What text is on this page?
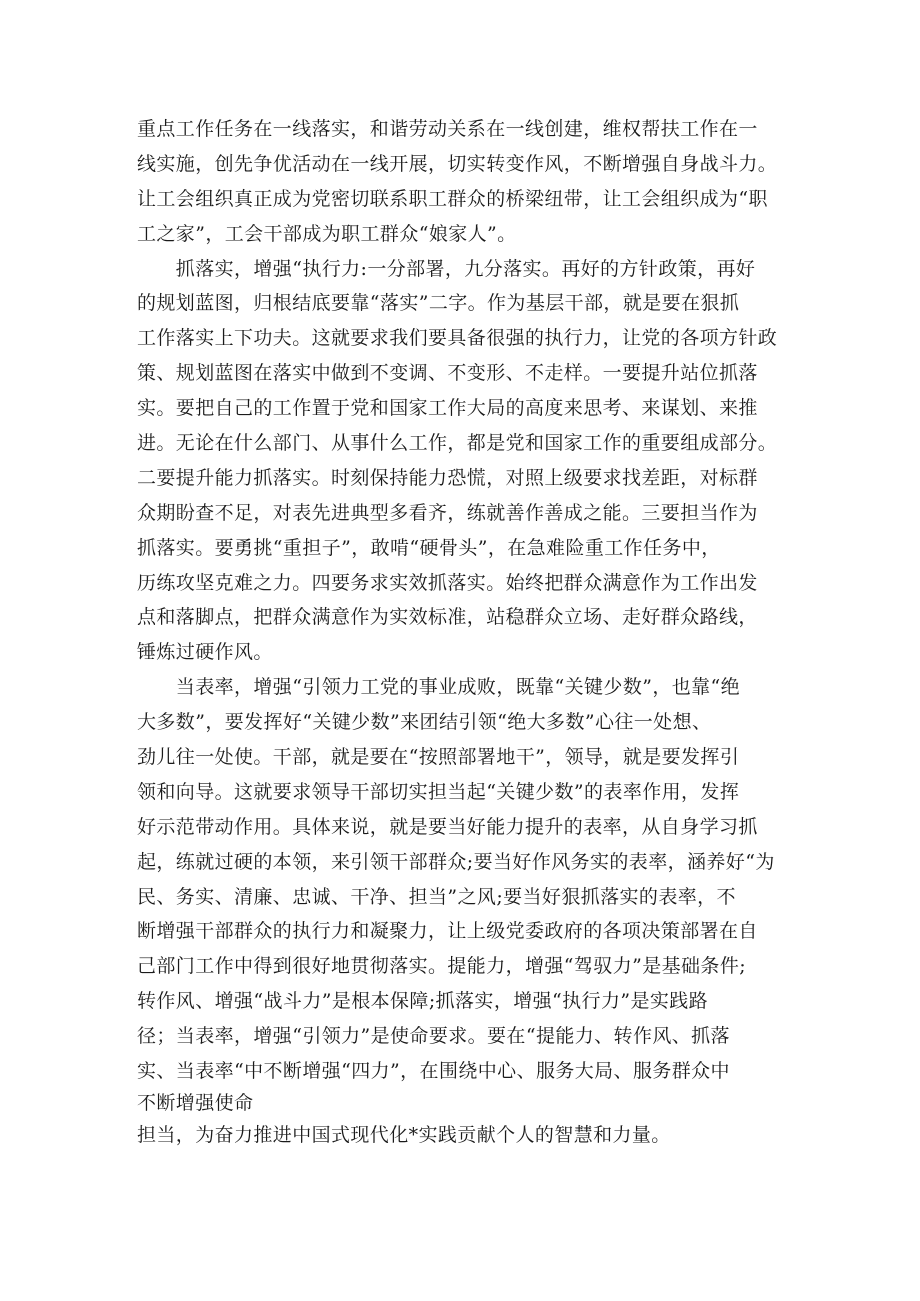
重点工作任务在一线落实，和谐劳动关系在一线创建，维权帮扶工作在一
线实施，创先争优活动在一线开展，切实转变作风，不断增强自身战斗力。
让工会组织真正成为党密切联系职工群众的桥梁纽带，让工会组织成为“职
工之家”，工会干部成为职工群众“娘家人”。
　　抓落实，增强“执行力:一分部署，九分落实。再好的方针政策，再好
的规划蓝图，归根结底要靠“落实”二字。作为基层干部，就是要在狠抓
工作落实上下功夫。这就要求我们要具备很强的执行力，让党的各项方针政
策、规划蓝图在落实中做到不变调、不变形、不走样。一要提升站位抓落
实。要把自己的工作置于党和国家工作大局的高度来思考、来谋划、来推
进。无论在什么部门、从事什么工作，都是党和国家工作的重要组成部分。
二要提升能力抓落实。时刻保持能力恐慌，对照上级要求找差距，对标群
众期盼查不足，对表先进典型多看齐，练就善作善成之能。三要担当作为
抓落实。要勇挑“重担子”，敢啃“硬骨头”，在急难险重工作任务中，
历练攻坚克难之力。四要务求实效抓落实。始终把群众满意作为工作出发
点和落脚点，把群众满意作为实效标准，站稳群众立场、走好群众路线，
锤炼过硬作风。
　　当表率，增强“引领力工党的事业成败，既靠“关键少数”，也靠“绝
大多数”，要发挥好“关键少数”来团结引领“绝大多数”心往一处想、
劲儿往一处使。干部，就是要在“按照部署地干”，领导，就是要发挥引
领和向导。这就要求领导干部切实担当起“关键少数”的表率作用，发挥
好示范带动作用。具体来说，就是要当好能力提升的表率，从自身学习抓
起，练就过硬的本领，来引领干部群众;要当好作风务实的表率，涵养好“为
民、务实、清廉、忠诚、干净、担当”之风;要当好狠抓落实的表率，不
断增强干部群众的执行力和凝聚力，让上级党委政府的各项决策部署在自
己部门工作中得到很好地贯彻落实。提能力，增强“驾驭力”是基础条件;
转作风、增强“战斗力”是根本保障;抓落实，增强“执行力”是实践路
径；当表率，增强“引领力”是使命要求。要在“提能力、转作风、抓落
实、当表率“中不断增强“四力”，在围绕中心、服务大局、服务群众中
不断增强使命
担当，为奋力推进中国式现代化*实践贡献个人的智慧和力量。
